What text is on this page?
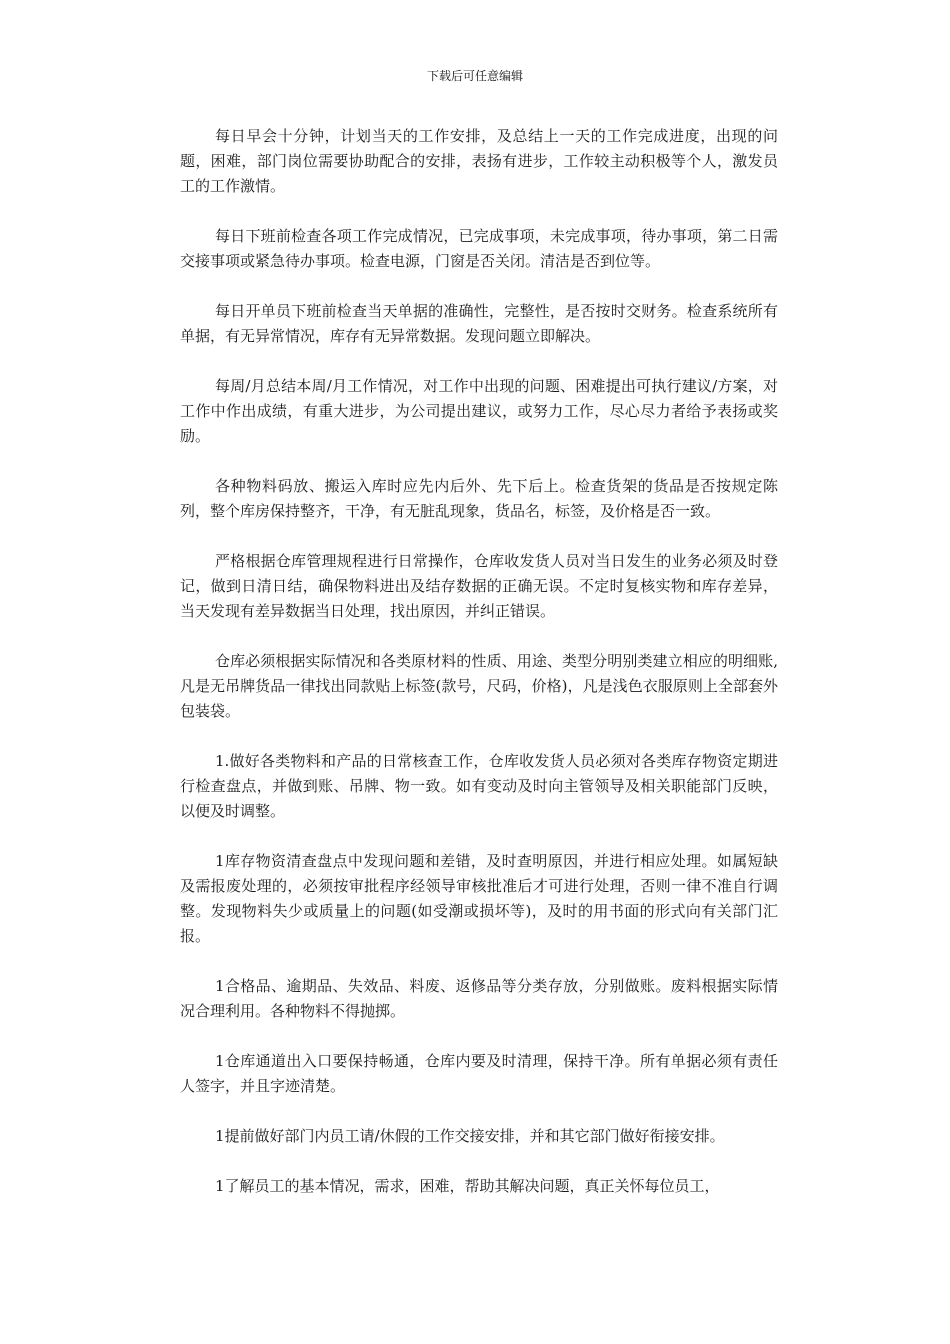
下载后可任意编辑

每日早会十分钟，计划当天的工作安排，及总结上一天的工作完成进度，出现的问题，困难，部门岗位需要协助配合的安排，表扬有进步，工作较主动积极等个人，激发员工的工作激情。

每日下班前检查各项工作完成情况，已完成事项，未完成事项，待办事项，第二日需交接事项或紧急待办事项。检查电源，门窗是否关闭。清洁是否到位等。

每日开单员下班前检查当天单据的准确性，完整性，是否按时交财务。检查系统所有单据，有无异常情况，库存有无异常数据。发现问题立即解决。

每周/月总结本周/月工作情况，对工作中出现的问题、困难提出可执行建议/方案，对工作中作出成绩，有重大进步，为公司提出建议，或努力工作，尽心尽力者给予表扬或奖励。

各种物料码放、搬运入库时应先内后外、先下后上。检查货架的货品是否按规定陈列，整个库房保持整齐，干净，有无脏乱现象，货品名，标签，及价格是否一致。

严格根据仓库管理规程进行日常操作，仓库收发货人员对当日发生的业务必须及时登记，做到日清日结，确保物料进出及结存数据的正确无误。不定时复核实物和库存差异，当天发现有差异数据当日处理，找出原因，并纠正错误。

仓库必须根据实际情况和各类原材料的性质、用途、类型分明别类建立相应的明细账,凡是无吊牌货品一律找出同款贴上标签(款号，尺码，价格)，凡是浅色衣服原则上全部套外包装袋。

1.做好各类物料和产品的日常核查工作，仓库收发货人员必须对各类库存物资定期进行检查盘点，并做到账、吊牌、物一致。如有变动及时向主管领导及相关职能部门反映，以便及时调整。

1库存物资清查盘点中发现问题和差错，及时查明原因，并进行相应处理。如属短缺及需报废处理的，必须按审批程序经领导审核批准后才可进行处理，否则一律不准自行调整。发现物料失少或质量上的问题(如受潮或损坏等)，及时的用书面的形式向有关部门汇报。

1合格品、逾期品、失效品、料废、返修品等分类存放，分别做账。废料根据实际情况合理利用。各种物料不得抛掷。

1仓库通道出入口要保持畅通，仓库内要及时清理，保持干净。所有单据必须有责任人签字，并且字迹清楚。

1提前做好部门内员工请/休假的工作交接安排，并和其它部门做好衔接安排。

1了解员工的基本情况，需求，困难，帮助其解决问题，真正关怀每位员工，
